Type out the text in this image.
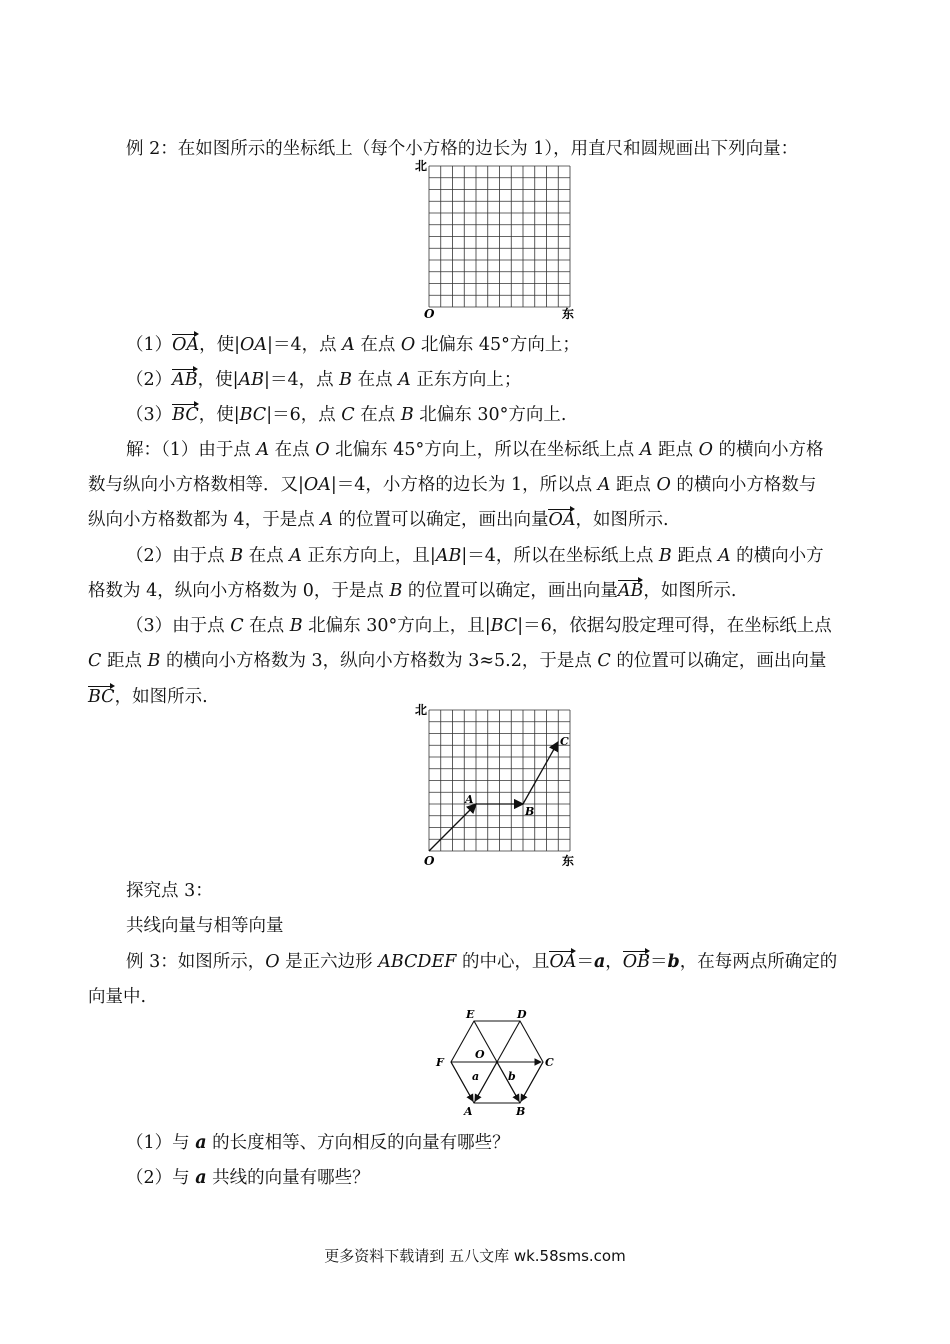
例 2：在如图所示的坐标纸上（每个小方格的边长为 1），用直尺和圆规画出下列向量：
北
东
O
（1）OA，使|OA|＝4，点 A 在点 O 北偏东 45°方向上；
（2）AB，使|AB|＝4，点 B 在点 A 正东方向上；
（3）BC，使|BC|＝6，点 C 在点 B 北偏东 30°方向上.
解：（1）由于点 A 在点 O 北偏东 45°方向上，所以在坐标纸上点 A 距点 O 的横向小方格
数与纵向小方格数相等．又|OA|＝4，小方格的边长为 1，所以点 A 距点 O 的横向小方格数与
纵向小方格数都为 4，于是点 A 的位置可以确定，画出向量OA，如图所示.
（2）由于点 B 在点 A 正东方向上，且|AB|＝4，所以在坐标纸上点 B 距点 A 的横向小方
格数为 4，纵向小方格数为 0，于是点 B 的位置可以确定，画出向量AB，如图所示.
（3）由于点 C 在点 B 北偏东 30°方向上，且|BC|＝6，依据勾股定理可得，在坐标纸上点
C 距点 B 的横向小方格数为 3，纵向小方格数为 3≈5.2，于是点 C 的位置可以确定，画出向量
BC，如图所示.
北
东
O
A
B
C
探究点 3：
共线向量与相等向量
例 3：如图所示，O 是正六边形 ABCDEF 的中心，且OA＝a，OB＝b，在每两点所确定的
向量中.
E	D
F	C
O
a	b
A	B
（1）与 a 的长度相等、方向相反的向量有哪些？
（2）与 a 共线的向量有哪些？
更多资料下载请到 五八文库 wk.58sms.com
